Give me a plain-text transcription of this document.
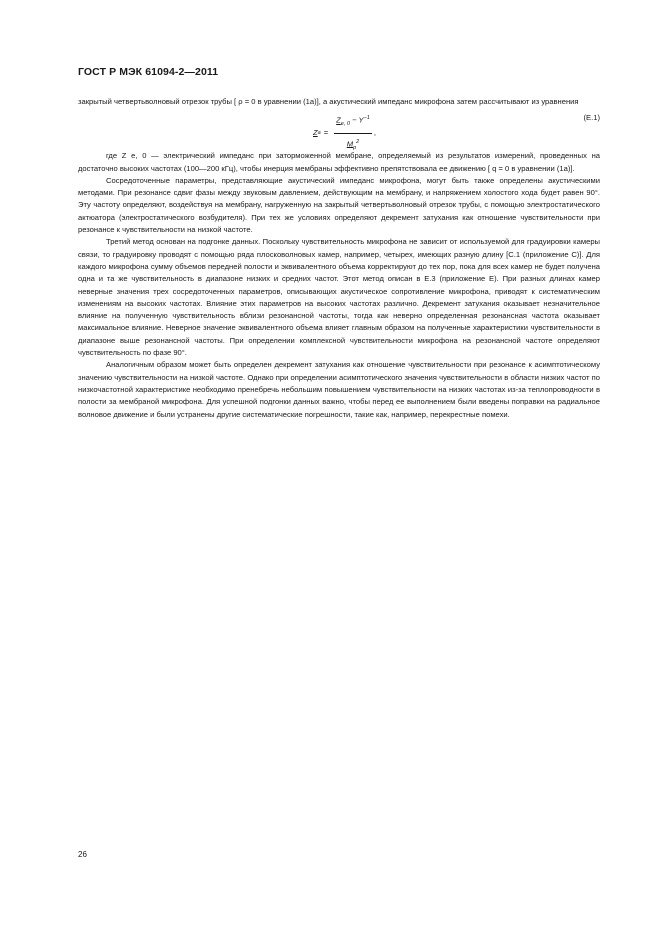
ГОСТ Р МЭК 61094-2—2011

закрытый четвертьволновый отрезок трубы [ ρ = 0 в уравнении (1a)], а акустический импеданс микрофона затем рассчитывают из уравнения

Z $a = \frac{Z_{e, 0} - Y^{-1}}{M_p^2}$ ,
(E.1)

где Z e, 0 — электрический импеданс при заторможенной мембране, определяемый из результатов измерений, проведенных на достаточно высоких частотах (100—200 кГц), чтобы инерция мембраны эффективно препятствовала ее движению [ q = 0 в уравнении (1a)].

Сосредоточенные параметры, представляющие акустический импеданс микрофона, могут быть также определены акустическими методами. При резонансе сдвиг фазы между звуковым давлением, действующим на мембрану, и напряжением холостого хода будет равен 90°. Эту частоту определяют, воздействуя на мембрану, нагруженную на закрытый четвертьволновый отрезок трубы, с помощью электростатического актюатора (электростатического возбудителя). При тех же условиях определяют декремент затухания как отношение чувствительности при резонансе к чувствительности на низкой частоте.

Третий метод основан на подгонке данных. Поскольку чувствительность микрофона не зависит от используемой для градуировки камеры связи, то градуировку проводят с помощью ряда плосковолновых камер, например, четырех, имеющих разную длину [C.1 (приложение C)]. Для каждого микрофона сумму объемов передней полости и эквивалентного объема корректируют до тех пор, пока для всех камер не будет получена одна и та же чувствительность в диапазоне низких и средних частот. Этот метод описан в E.3 (приложение E). При разных длинах камер неверные значения трех сосредоточенных параметров, описывающих акустическое сопротивление микрофона, приводят к систематическим изменениям на высоких частотах. Влияние этих параметров на высоких частотах различно. Декремент затухания оказывает незначительное влияние на полученную чувствительность вблизи резонансной частоты, тогда как неверно определенная резонансная частота оказывает максимальное влияние. Неверное значение эквивалентного объема влияет главным образом на полученные характеристики чувствительности в диапазоне выше резонансной частоты. При определении комплексной чувствительности микрофона на резонансной частоте определяют чувствительность по фазе 90°.

Аналогичным образом может быть определен декремент затухания как отношение чувствительности при резонансе к асимптотическому значению чувствительности на низкой частоте. Однако при определении асимптотического значения чувствительности в области низких частот по низкочастотной характеристике необходимо пренебречь небольшим повышением чувствительности на низких частотах из-за теплопроводности в полости за мембраной микрофона. Для успешной подгонки данных важно, чтобы перед ее выполнением были введены поправки на радиальное волновое движение и были устранены другие систематические погрешности, такие как, например, перекрестные помехи.

26
